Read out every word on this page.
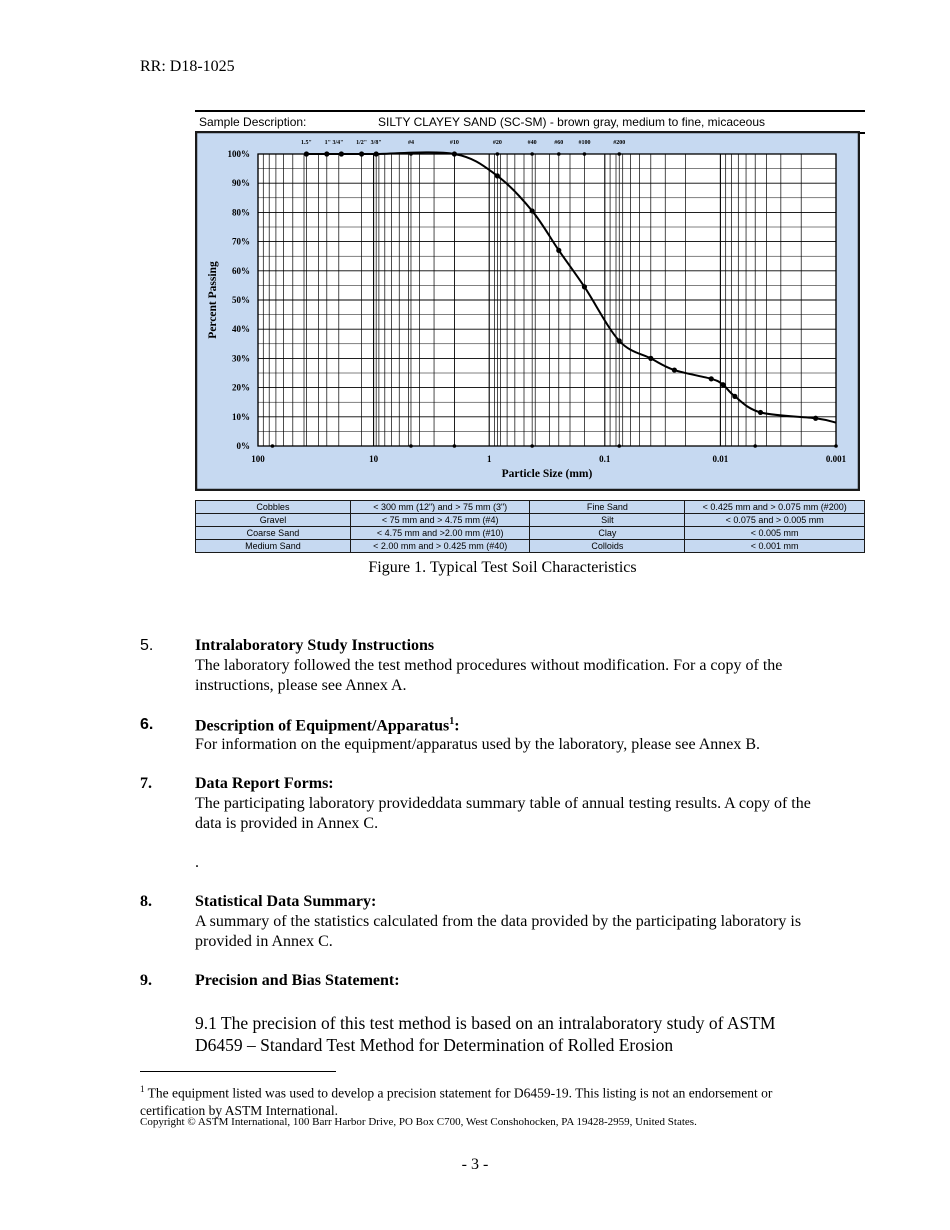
RR: D18-1025
Sample Description:	SILTY CLAYEY SAND (SC-SM) - brown gray, medium to fine, micaceous
0%
10%
20%
30%
40%
50%
60%
70%
80%
90%
100%
100	10	1	0.1	0.01	0.001
1.5" 1" 3/4" 1/2" 3/8"	#4	#10	#20	#40	#60	#100	#200
Particle Size (mm)
Percent Passing
Cobbles	< 300 mm (12") and > 75 mm (3")	Fine Sand	< 0.425 mm and > 0.075 mm (#200)
Gravel	< 75 mm and > 4.75 mm (#4)	Silt	< 0.075 and > 0.005 mm
Coarse Sand	< 4.75 mm and >2.00 mm (#10)	Clay	< 0.005 mm
Medium Sand	< 2.00 mm and > 0.425 mm (#40)	Colloids	< 0.001 mm
Figure 1. Typical Test Soil Characteristics
5.	Intralaboratory Study Instructions
The laboratory followed the test method procedures without modification. For a copy of the instructions, please see Annex A.
6.	Description of Equipment/Apparatus$^1$:
For information on the equipment/apparatus used by the laboratory, please see Annex B.
7.	Data Report Forms:
The participating laboratory provideddata summary table of annual testing results. A copy of the data is provided in Annex C.
.
8.	Statistical Data Summary:
A summary of the statistics calculated from the data provided by the participating laboratory is provided in Annex C.
9.	Precision and Bias Statement:
9.1 The precision of this test method is based on an intralaboratory study of ASTM D6459 – Standard Test Method for Determination of Rolled Erosion
$^1$ The equipment listed was used to develop a precision statement for D6459-19. This listing is not an endorsement or certification by ASTM International.
Copyright © ASTM International, 100 Barr Harbor Drive, PO Box C700, West Conshohocken, PA 19428-2959, United States.
- 3 -
